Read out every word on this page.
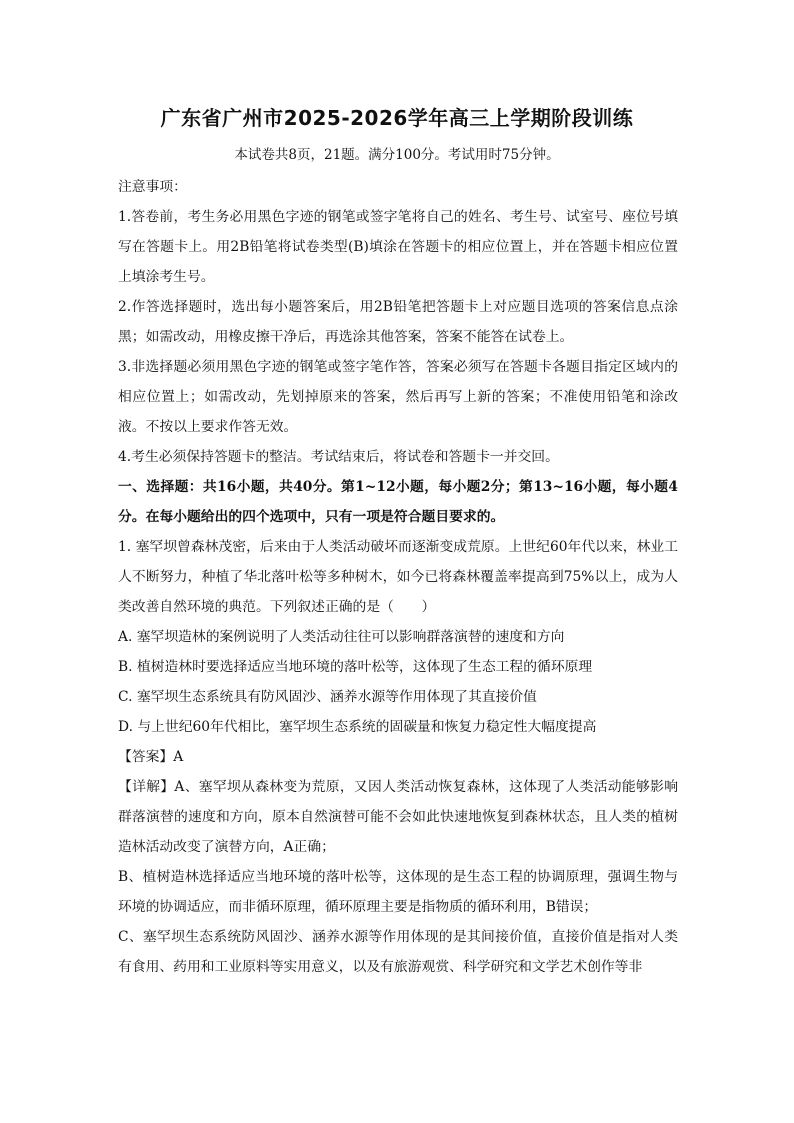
广东省广州市2025-2026学年高三上学期阶段训练
本试卷共8页，21题。满分100分。考试用时75分钟。

注意事项：

1.答卷前，考生务必用黑色字迹的钢笔或签字笔将自己的姓名、考生号、试室号、座位号填写在答题卡上。用2B铅笔将试卷类型(B)填涂在答题卡的相应位置上，并在答题卡相应位置上填涂考生号。

2.作答选择题时，选出每小题答案后，用2B铅笔把答题卡上对应题目选项的答案信息点涂黑；如需改动，用橡皮擦干净后，再选涂其他答案，答案不能答在试卷上。

3.非选择题必须用黑色字迹的钢笔或签字笔作答，答案必须写在答题卡各题目指定区域内的相应位置上；如需改动，先划掉原来的答案，然后再写上新的答案；不准使用铅笔和涂改液。不按以上要求作答无效。

4.考生必须保持答题卡的整洁。考试结束后，将试卷和答题卡一并交回。

一、选择题：共16小题，共40分。第1~12小题，每小题2分；第13~16小题，每小题4分。在每小题给出的四个选项中，只有一项是符合题目要求的。

1. 塞罕坝曾森林茂密，后来由于人类活动破坏而逐渐变成荒原。上世纪60年代以来，林业工人不断努力，种植了华北落叶松等多种树木，如今已将森林覆盖率提高到75%以上，成为人类改善自然环境的典范。下列叙述正确的是（　　）

A. 塞罕坝造林的案例说明了人类活动往往可以影响群落演替的速度和方向

B. 植树造林时要选择适应当地环境的落叶松等，这体现了生态工程的循环原理

C. 塞罕坝生态系统具有防风固沙、涵养水源等作用体现了其直接价值

D. 与上世纪60年代相比，塞罕坝生态系统的固碳量和恢复力稳定性大幅度提高

【答案】A

【详解】A、塞罕坝从森林变为荒原，又因人类活动恢复森林，这体现了人类活动能够影响群落演替的速度和方向，原本自然演替可能不会如此快速地恢复到森林状态，且人类的植树造林活动改变了演替方向，A正确；

B、植树造林选择适应当地环境的落叶松等，这体现的是生态工程的协调原理，强调生物与环境的协调适应，而非循环原理，循环原理主要是指物质的循环利用，B错误；

C、塞罕坝生态系统防风固沙、涵养水源等作用体现的是其间接价值，直接价值是指对人类有食用、药用和工业原料等实用意义，以及有旅游观赏、科学研究和文学艺术创作等非
